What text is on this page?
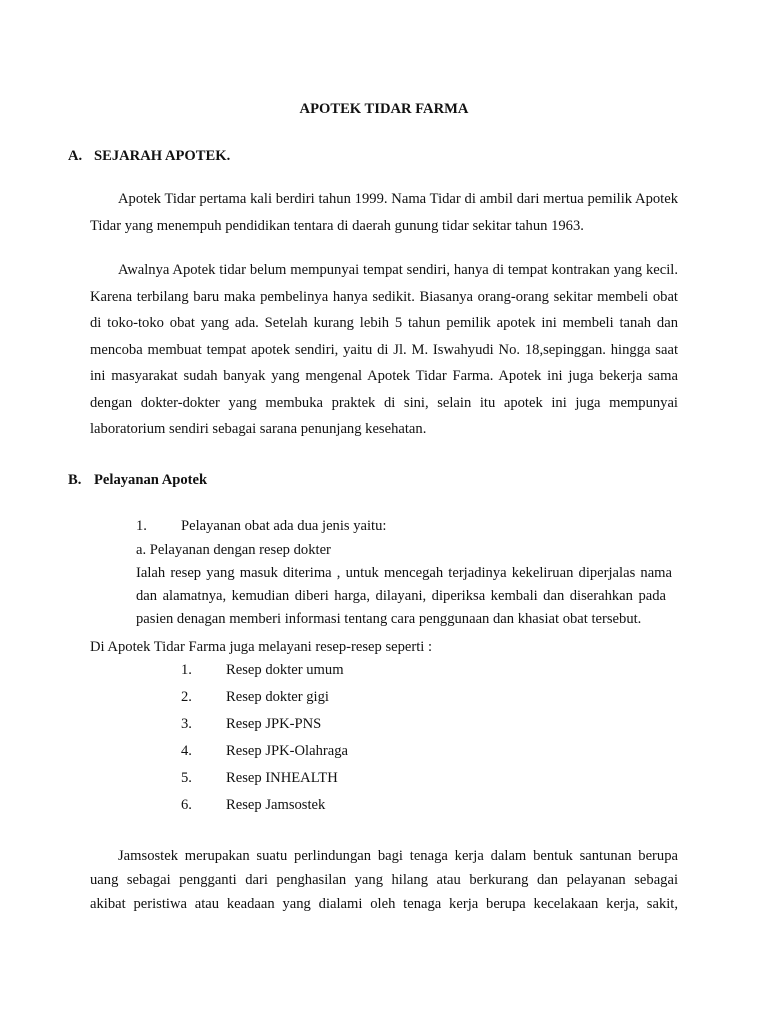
APOTEK TIDAR FARMA
A. SEJARAH APOTEK.

Apotek Tidar pertama kali berdiri tahun 1999. Nama Tidar di ambil dari mertua pemilik Apotek Tidar yang menempuh pendidikan tentara di daerah gunung tidar sekitar tahun 1963.

Awalnya Apotek tidar belum mempunyai tempat sendiri, hanya di tempat kontrakan yang kecil. Karena terbilang baru maka pembelinya hanya sedikit. Biasanya orang-orang sekitar membeli obat di toko-toko obat yang ada. Setelah kurang lebih 5 tahun pemilik apotek ini membeli tanah dan mencoba membuat tempat apotek sendiri, yaitu di Jl. M. Iswahyudi No. 18,sepinggan. hingga saat ini masyarakat sudah banyak yang mengenal Apotek Tidar Farma. Apotek ini juga bekerja sama dengan dokter-dokter yang membuka praktek di sini, selain itu apotek ini juga mempunyai laboratorium sendiri sebagai sarana penunjang kesehatan.

B. Pelayanan Apotek
1. Pelayanan obat ada dua jenis yaitu:
a. Pelayanan dengan resep dokter
Ialah resep yang masuk diterima , untuk mencegah terjadinya kekeliruan diperjalas nama
dan alamatnya, kemudian diberi harga, dilayani, diperiksa kembali dan diserahkan pada
pasien denagan memberi informasi tentang cara penggunaan dan khasiat obat tersebut.
Di Apotek Tidar Farma juga melayani resep-resep seperti :
1. Resep dokter umum
2. Resep dokter gigi
3. Resep JPK-PNS
4. Resep JPK-Olahraga
5. Resep INHEALTH
6. Resep Jamsostek
Jamsostek merupakan suatu perlindungan bagi tenaga kerja dalam bentuk santunan berupa
uang sebagai pengganti dari penghasilan yang hilang atau berkurang dan pelayanan sebagai
akibat peristiwa atau keadaan yang dialami oleh tenaga kerja berupa kecelakaan kerja, sakit,
